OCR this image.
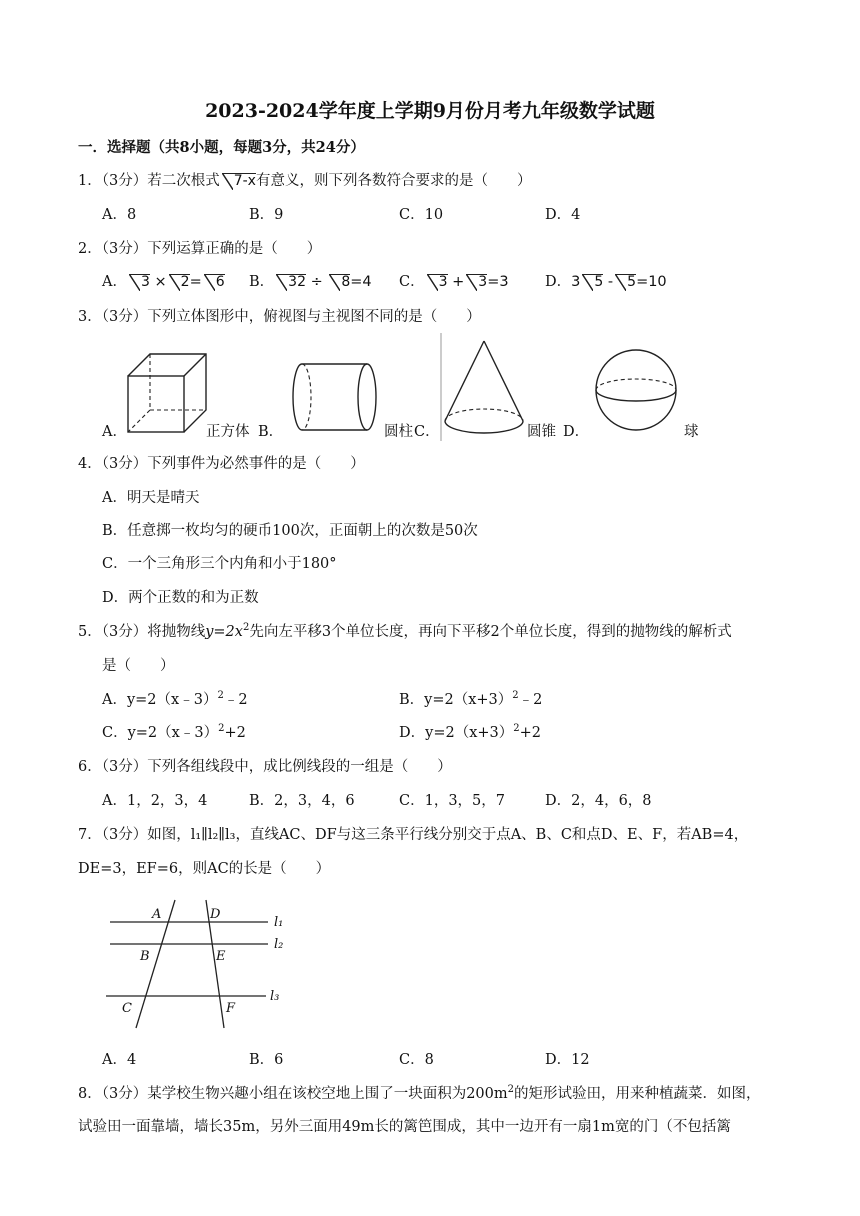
2023-2024学年度上学期9月份月考九年级数学试题
一．选择题（共8小题，每题3分，共24分）
1．（3分）若二次根式 7-x有意义，则下列各数符合要求的是（　　）
A．8	B．9	C．10	D．4
2．（3分）下列运算正确的是（　　）
A． 3 × 2= 6 B． 32 ÷ 8=4 C． 3 + 3=3	D．3 5 - 5=10
3．（3分）下列立体图形中，俯视图与主视图不同的是（　　）
A．	正方体 B．	圆柱 C．	圆锥 D．	球
4．（3分）下列事件为必然事件的是（　　）
A．明天是晴天
B．任意掷一枚均匀的硬币100次，正面朝上的次数是50次
C．一个三角形三个内角和小于180°
D．两个正数的和为正数
5．（3分）将抛物线$y=2x^2$先向左平移3个单位长度，再向下平移2个单位长度，得到的抛物线的解析式
是（　　）
A．y=2（x﹣3）$^2$﹣2	B．$y=2(x+3)^2﹣2$
C．y=2（x﹣3）$^2$+2	D．$y=2(x+3)^2+2$
6．（3分）下列各组线段中，成比例线段的一组是（　　）
A．1，2，3，4	B．2，3，4，6	C．1，3，5，7	D．2，4，6，8
7．（3分）如图，l₁∥l₂∥l₃，直线AC、DF与这三条平行线分别交于点A、B、C和点D、E、F，若AB=4，
DE=3，EF=6，则AC的长是（　　）
A	D
B	E
C	F
l₁
l₂
l₃
A．4	B．6	C．8	D．12
8．（3分）某学校生物兴趣小组在该校空地上围了一块面积为$200m^2$的矩形试验田，用来种植蔬菜．如图，
试验田一面靠墙，墙长35m，另外三面用49m长的篱笆围成，其中一边开有一扇1m宽的门（不包括篱
